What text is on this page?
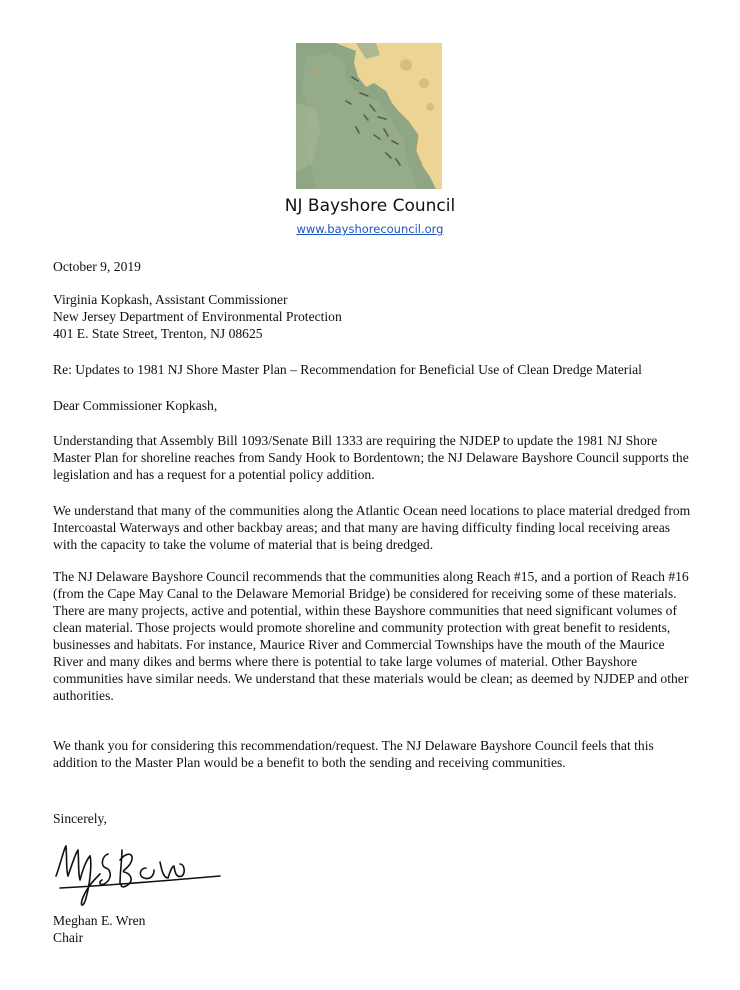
NJ Bayshore Council
www.bayshorecouncil.org
October 9, 2019
Virginia Kopkash, Assistant Commissioner
New Jersey Department of Environmental Protection
401 E. State Street, Trenton, NJ 08625
Re: Updates to 1981 NJ Shore Master Plan – Recommendation for Beneficial Use of Clean Dredge Material
Dear Commissioner Kopkash,
Understanding that Assembly Bill 1093/Senate Bill 1333 are requiring the NJDEP to update the 1981 NJ Shore Master Plan for shoreline reaches from Sandy Hook to Bordentown; the NJ Delaware Bayshore Council supports the legislation and has a request for a potential policy addition.
We understand that many of the communities along the Atlantic Ocean need locations to place material dredged from Intercoastal Waterways and other backbay areas; and that many are having difficulty finding local receiving areas with the capacity to take the volume of material that is being dredged.
The NJ Delaware Bayshore Council recommends that the communities along Reach #15, and a portion of Reach #16 (from the Cape May Canal to the Delaware Memorial Bridge) be considered for receiving some of these materials. There are many projects, active and potential, within these Bayshore communities that need significant volumes of clean material. Those projects would promote shoreline and community protection with great benefit to residents, businesses and habitats. For instance, Maurice River and Commercial Townships have the mouth of the Maurice River and many dikes and berms where there is potential to take large volumes of material. Other Bayshore communities have similar needs. We understand that these materials would be clean; as deemed by NJDEP and other authorities.
We thank you for considering this recommendation/request. The NJ Delaware Bayshore Council feels that this addition to the Master Plan would be a benefit to both the sending and receiving communities.
Sincerely,
Meghan E. Wren
Chair
